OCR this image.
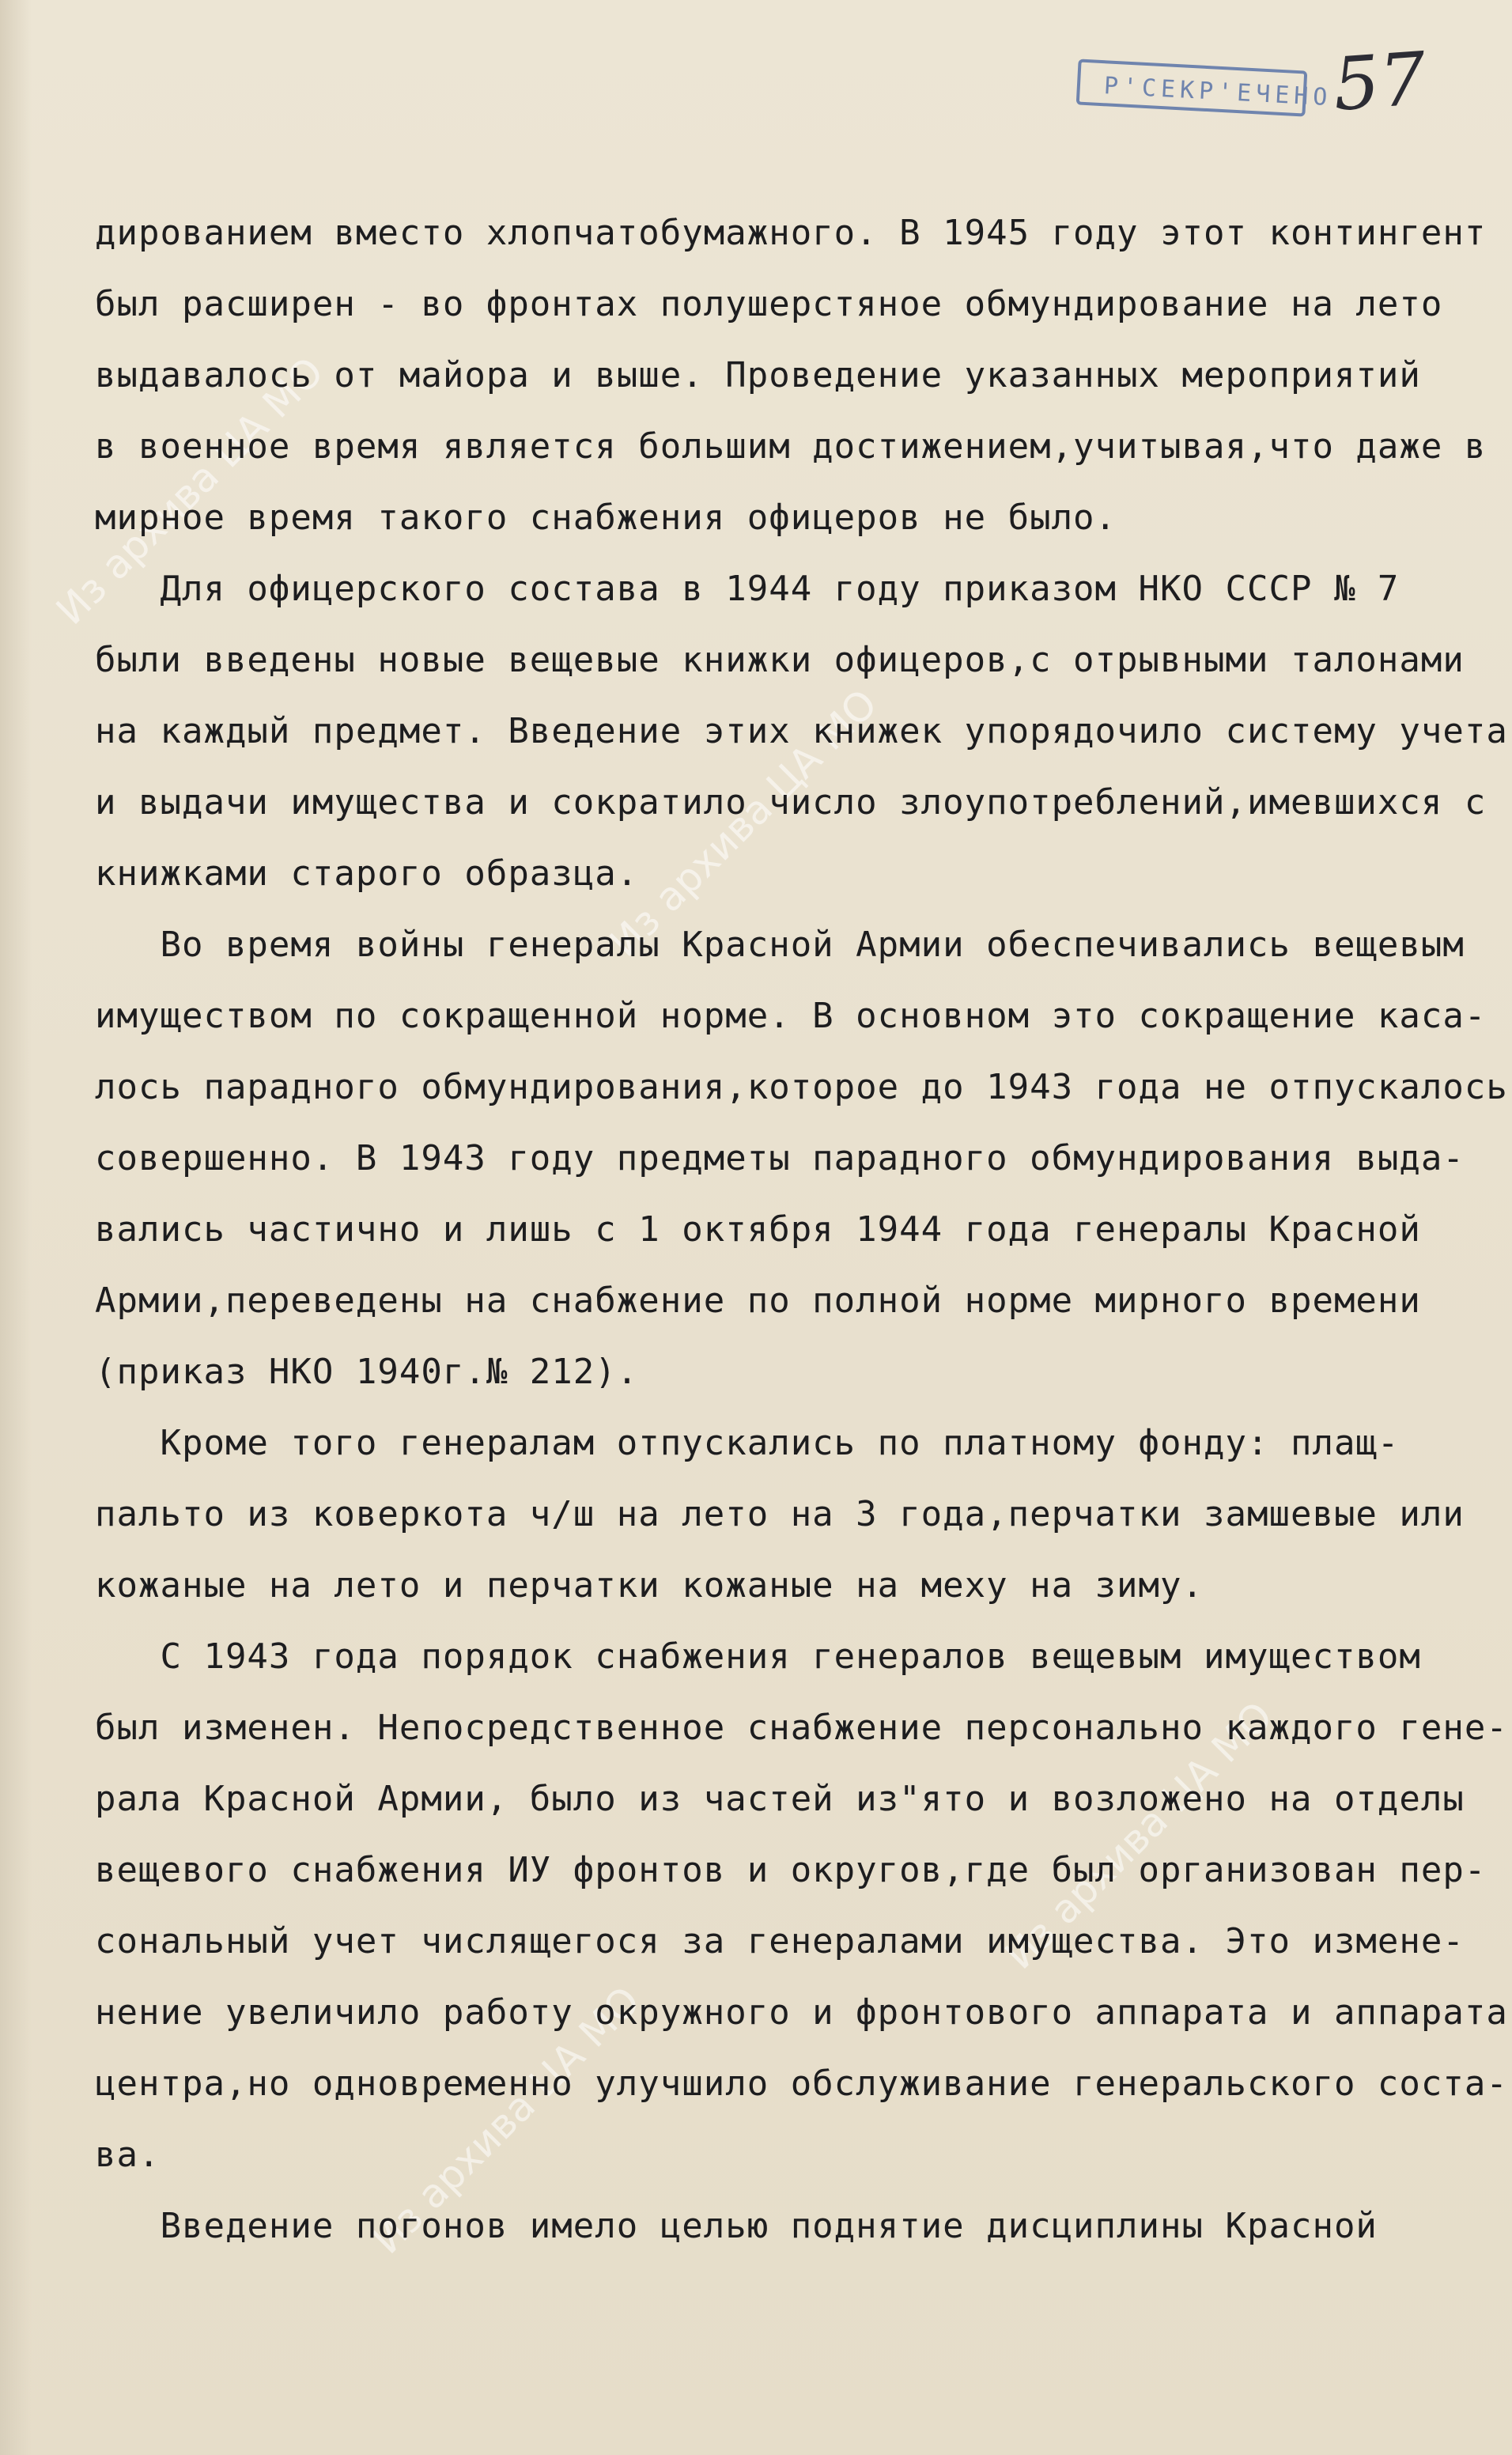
Из архива ЦА МО
Из архива ЦА МО
Из архива ЦА МО
Из архива ЦА МО
Р'СЕКР'ЕЧЕНО
57
дированием вместо хлопчатобумажного. В 1945 году этот контингент
был расширен - во фронтах полушерстяное обмундирование на лето
выдавалось от майора и выше. Проведение указанных мероприятий
в военное время является большим достижением,учитывая,что даже в
мирное время такого снабжения офицеров не было.
Для офицерского состава в 1944 году приказом НКО СССР № 7
были введены новые вещевые книжки офицеров,с отрывными талонами
на каждый предмет. Введение этих книжек упорядочило систему учета
и выдачи имущества и сократило число злоупотреблений,имевшихся с
книжками старого образца.
Во время войны генералы Красной Армии обеспечивались вещевым
имуществом по сокращенной норме. В основном это сокращение каса-
лось парадного обмундирования,которое до 1943 года не отпускалось
совершенно. В 1943 году предметы парадного обмундирования выда-
вались частично и лишь с 1 октября 1944 года генералы Красной
Армии,переведены на снабжение по полной норме мирного времени
(приказ НКО 1940г.№ 212).
Кроме того генералам отпускались по платному фонду: плащ-
пальто из коверкота ч/ш на лето на 3 года,перчатки замшевые или
кожаные на лето и перчатки кожаные на меху на зиму.
С 1943 года порядок снабжения генералов вещевым имуществом
был изменен. Непосредственное снабжение персонально каждого гене-
рала Красной Армии, было из частей из"ято и возложено на отделы
вещевого снабжения ИУ фронтов и округов,где был организован пер-
сональный учет числящегося за генералами имущества. Это измене-
нение увеличило работу окружного и фронтового аппарата и аппарата
центра,но одновременно улучшило обслуживание генеральского соста-
ва.
Введение погонов имело целью поднятие дисциплины Красной
